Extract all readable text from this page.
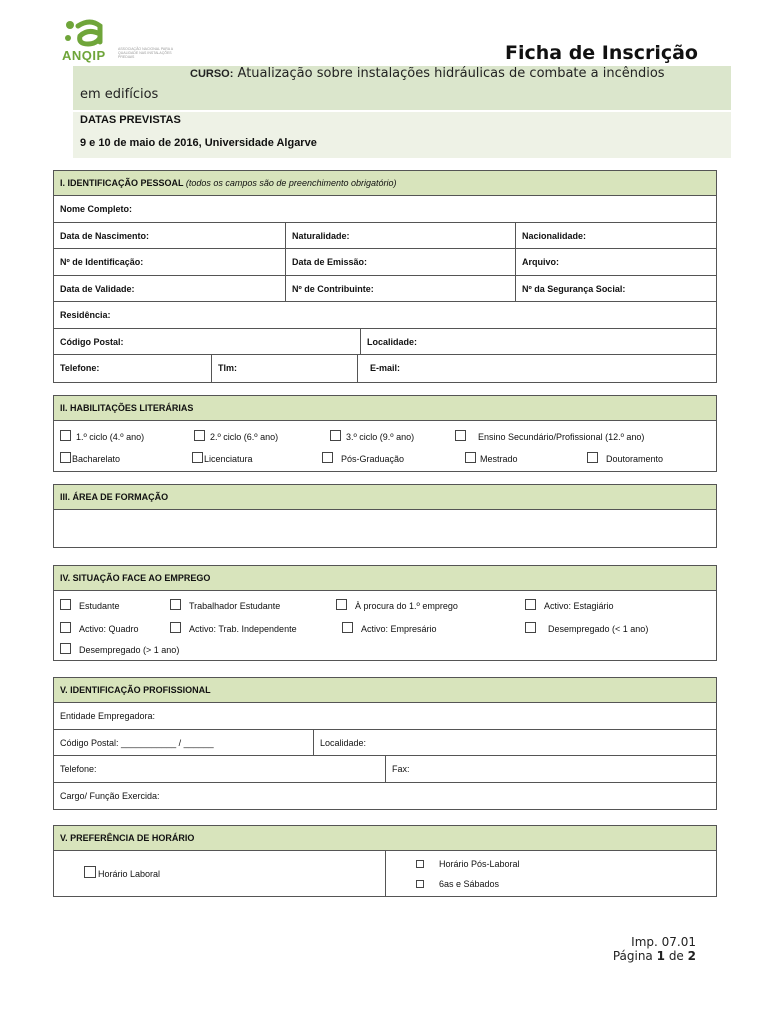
ANQIP	ASSOCIAÇÃO NACIONAL PARA A QUALIDADE NAS INSTALAÇÕES PREDIAIS	Ficha de Inscrição
CURSO: Atualização sobre instalações hidráulicas de combate a incêndios
em edifícios
DATAS PREVISTAS
9 e 10 de maio de 2016, Universidade Algarve
I. IDENTIFICAÇÃO PESSOAL (todos os campos são de preenchimento obrigatório)
Nome Completo:
Data de Nascimento:	Naturalidade:	Nacionalidade:
Nº de Identificação:	Data de Emissão:	Arquivo:
Data de Validade:	Nº de Contribuinte:	Nº da Segurança Social:
Residência:
Código Postal:	Localidade:
Telefone:	Tlm:	E-mail:
II. HABILITAÇÕES LITERÁRIAS
1.º ciclo (4.º ano)	2.º ciclo (6.º ano)	3.º ciclo (9.º ano)	Ensino Secundário/Profissional (12.º ano)
Bacharelato	Licenciatura	Pós-Graduação	Mestrado	Doutoramento
III. ÁREA DE FORMAÇÃO
IV. SITUAÇÃO FACE AO EMPREGO
Estudante	Trabalhador Estudante	À procura do 1.º emprego	Activo: Estagiário
Activo: Quadro	Activo: Trab. Independente	Activo: Empresário	Desempregado (< 1 ano)
Desempregado (> 1 ano)
V. IDENTIFICAÇÃO PROFISSIONAL
Entidade Empregadora:
Código Postal: ___________ / ______	Localidade:
Telefone:	Fax:
Cargo/ Função Exercida:
V. PREFERÊNCIA DE HORÁRIO
Horário Laboral
Horário Pós-Laboral
6as e Sábados
Imp. 07.01
Página 1 de 2
